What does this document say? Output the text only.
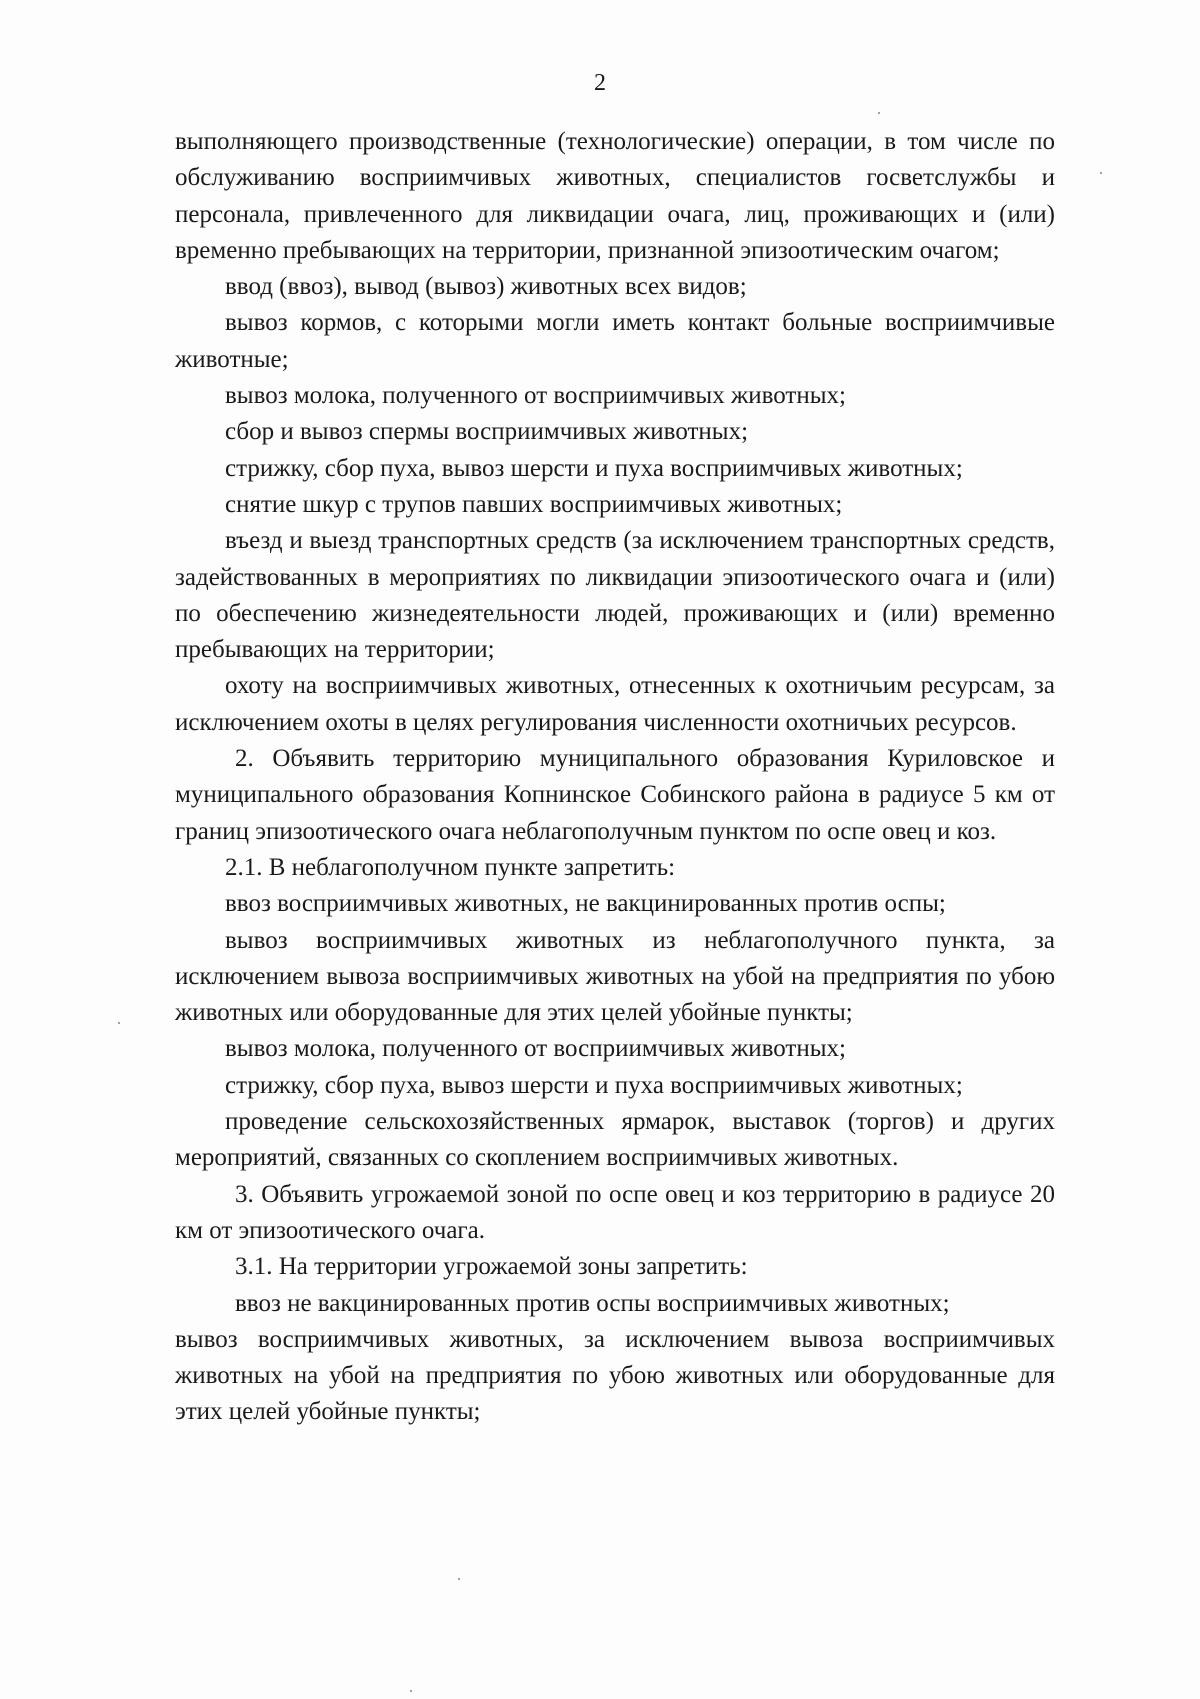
2

выполняющего производственные (технологические) операции, в том числе по обслуживанию восприимчивых животных, специалистов госветслужбы и персонала, привлеченного для ликвидации очага, лиц, проживающих и (или) временно пребывающих на территории, признанной эпизоотическим очагом;

ввод (ввоз), вывод (вывоз) животных всех видов;

вывоз кормов, с которыми могли иметь контакт больные восприимчивые животные;

вывоз молока, полученного от восприимчивых животных;

сбор и вывоз спермы восприимчивых животных;

стрижку, сбор пуха, вывоз шерсти и пуха восприимчивых животных;

снятие шкур с трупов павших восприимчивых животных;

въезд и выезд транспортных средств (за исключением транспортных средств, задействованных в мероприятиях по ликвидации эпизоотического очага и (или) по обеспечению жизнедеятельности людей, проживающих и (или) временно пребывающих на территории;

охоту на восприимчивых животных, отнесенных к охотничьим ресурсам, за исключением охоты в целях регулирования численности охотничьих ресурсов.

2. Объявить территорию муниципального образования Куриловское и муниципального образования Копнинское Собинского района в радиусе 5 км от границ эпизоотического очага неблагополучным пунктом по оспе овец и коз.

2.1. В неблагополучном пункте запретить:

ввоз восприимчивых животных, не вакцинированных против оспы;

вывоз восприимчивых животных из неблагополучного пункта, за исключением вывоза восприимчивых животных на убой на предприятия по убою животных или оборудованные для этих целей убойные пункты;

вывоз молока, полученного от восприимчивых животных;

стрижку, сбор пуха, вывоз шерсти и пуха восприимчивых животных;

проведение сельскохозяйственных ярмарок, выставок (торгов) и других мероприятий, связанных со скоплением восприимчивых животных.

3. Объявить угрожаемой зоной по оспе овец и коз территорию в радиусе 20 км от эпизоотического очага.

3.1. На территории угрожаемой зоны запретить:

ввоз не вакцинированных против оспы восприимчивых животных;

вывоз восприимчивых животных, за исключением вывоза восприимчивых животных на убой на предприятия по убою животных или оборудованные для этих целей убойные пункты;
